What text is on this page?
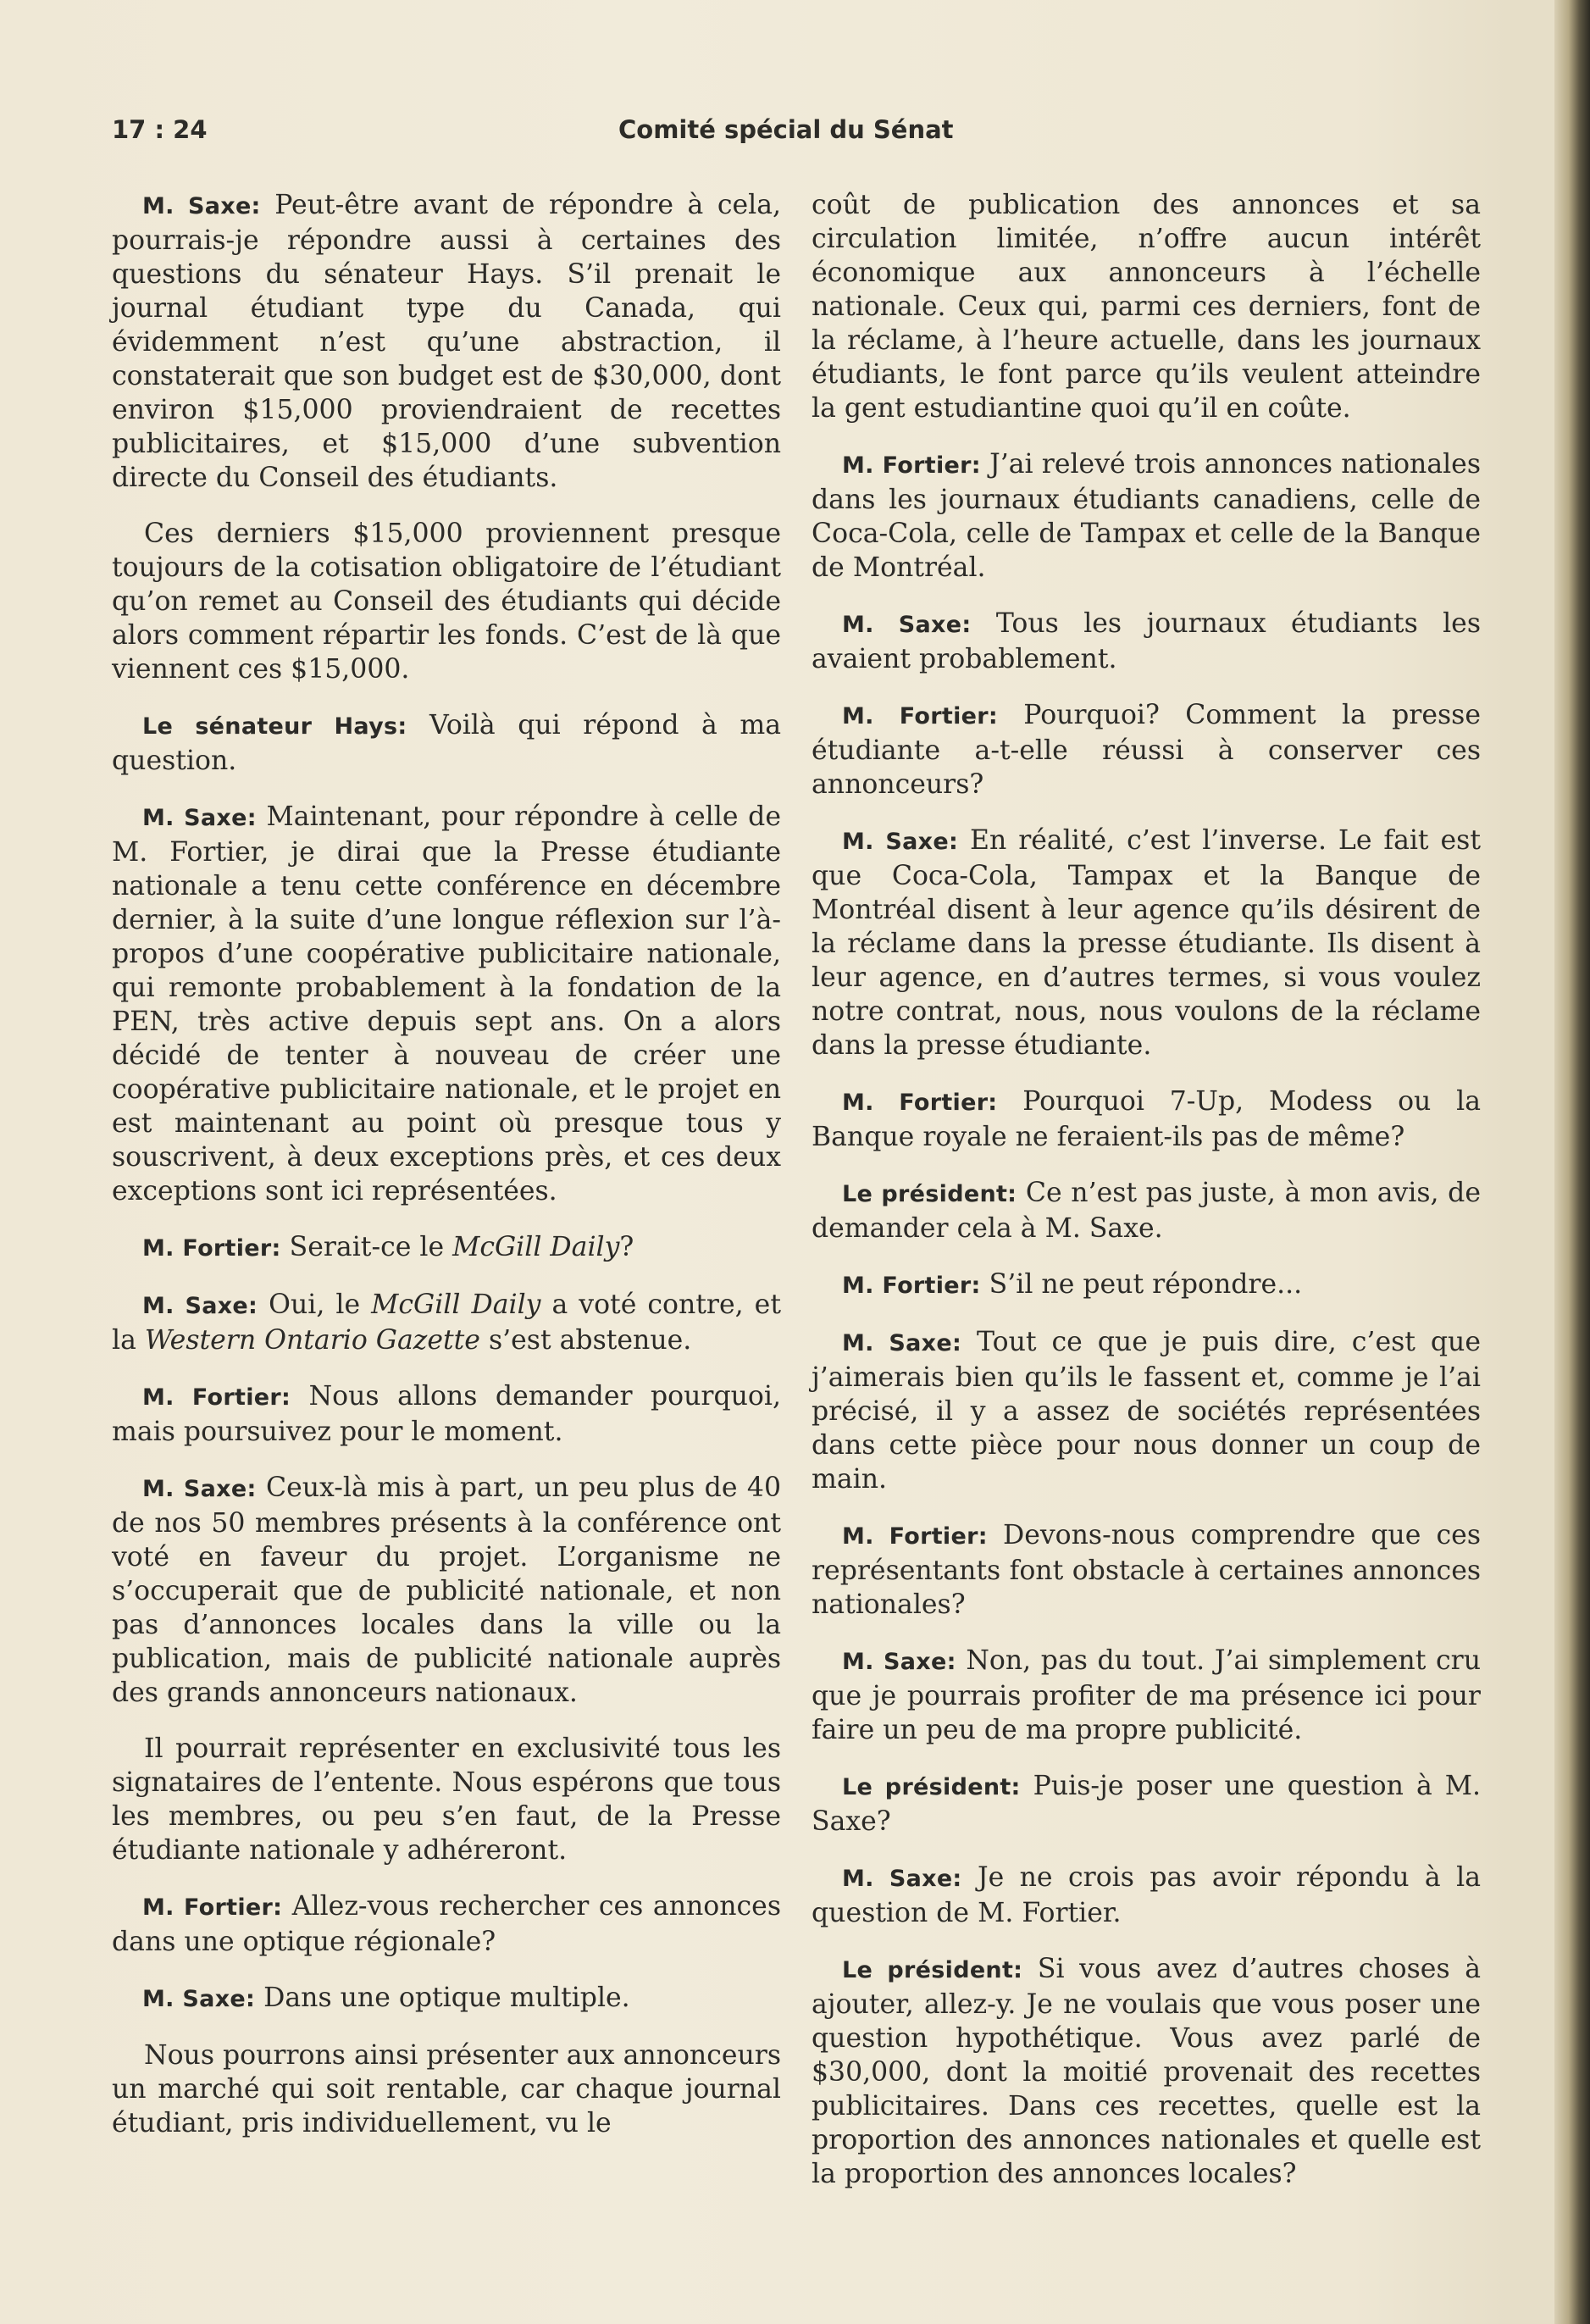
17 : 24	Comité spécial du Sénat

M. Saxe: Peut-être avant de répondre à cela, pourrais-je répondre aussi à certaines des questions du sénateur Hays. S’il prenait le journal étudiant type du Canada, qui évidemment n’est qu’une abstraction, il constaterait que son budget est de $30,000, dont environ $15,000 proviendraient de recettes publicitaires, et $15,000 d’une subvention directe du Conseil des étudiants.

Ces derniers $15,000 proviennent presque toujours de la cotisation obligatoire de l’étudiant qu’on remet au Conseil des étudiants qui décide alors comment répartir les fonds. C’est de là que viennent ces $15,000.

Le sénateur Hays: Voilà qui répond à ma question.

M. Saxe: Maintenant, pour répondre à celle de M. Fortier, je dirai que la Presse étudiante nationale a tenu cette conférence en décembre dernier, à la suite d’une longue réflexion sur l’à-propos d’une coopérative publicitaire nationale, qui remonte probablement à la fondation de la PEN, très active depuis sept ans. On a alors décidé de tenter à nouveau de créer une coopérative publicitaire nationale, et le projet en est maintenant au point où presque tous y souscrivent, à deux exceptions près, et ces deux exceptions sont ici représentées.

M. Fortier: Serait-ce le McGill Daily?

M. Saxe: Oui, le McGill Daily a voté contre, et la Western Ontario Gazette s’est abstenue.

M. Fortier: Nous allons demander pourquoi, mais poursuivez pour le moment.

M. Saxe: Ceux-là mis à part, un peu plus de 40 de nos 50 membres présents à la conférence ont voté en faveur du projet. L’organisme ne s’occuperait que de publicité nationale, et non pas d’annonces locales dans la ville ou la publication, mais de publicité nationale auprès des grands annonceurs nationaux.

Il pourrait représenter en exclusivité tous les signataires de l’entente. Nous espérons que tous les membres, ou peu s’en faut, de la Presse étudiante nationale y adhéreront.

M. Fortier: Allez-vous rechercher ces annonces dans une optique régionale?

M. Saxe: Dans une optique multiple.

Nous pourrons ainsi présenter aux annonceurs un marché qui soit rentable, car chaque journal étudiant, pris individuellement, vu le

coût de publication des annonces et sa circulation limitée, n’offre aucun intérêt économique aux annonceurs à l’échelle nationale. Ceux qui, parmi ces derniers, font de la réclame, à l’heure actuelle, dans les journaux étudiants, le font parce qu’ils veulent atteindre la gent estudiantine quoi qu’il en coûte.

M. Fortier: J’ai relevé trois annonces nationales dans les journaux étudiants canadiens, celle de Coca-Cola, celle de Tampax et celle de la Banque de Montréal.

M. Saxe: Tous les journaux étudiants les avaient probablement.

M. Fortier: Pourquoi? Comment la presse étudiante a-t-elle réussi à conserver ces annonceurs?

M. Saxe: En réalité, c’est l’inverse. Le fait est que Coca-Cola, Tampax et la Banque de Montréal disent à leur agence qu’ils désirent de la réclame dans la presse étudiante. Ils disent à leur agence, en d’autres termes, si vous voulez notre contrat, nous, nous voulons de la réclame dans la presse étudiante.

M. Fortier: Pourquoi 7-Up, Modess ou la Banque royale ne feraient-ils pas de même?

Le président: Ce n’est pas juste, à mon avis, de demander cela à M. Saxe.

M. Fortier: S’il ne peut répondre...

M. Saxe: Tout ce que je puis dire, c’est que j’aimerais bien qu’ils le fassent et, comme je l’ai précisé, il y a assez de sociétés représentées dans cette pièce pour nous donner un coup de main.

M. Fortier: Devons-nous comprendre que ces représentants font obstacle à certaines annonces nationales?

M. Saxe: Non, pas du tout. J’ai simplement cru que je pourrais profiter de ma présence ici pour faire un peu de ma propre publicité.

Le président: Puis-je poser une question à M. Saxe?

M. Saxe: Je ne crois pas avoir répondu à la question de M. Fortier.

Le président: Si vous avez d’autres choses à ajouter, allez-y. Je ne voulais que vous poser une question hypothétique. Vous avez parlé de $30,000, dont la moitié provenait des recettes publicitaires. Dans ces recettes, quelle est la proportion des annonces nationales et quelle est la proportion des annonces locales?
